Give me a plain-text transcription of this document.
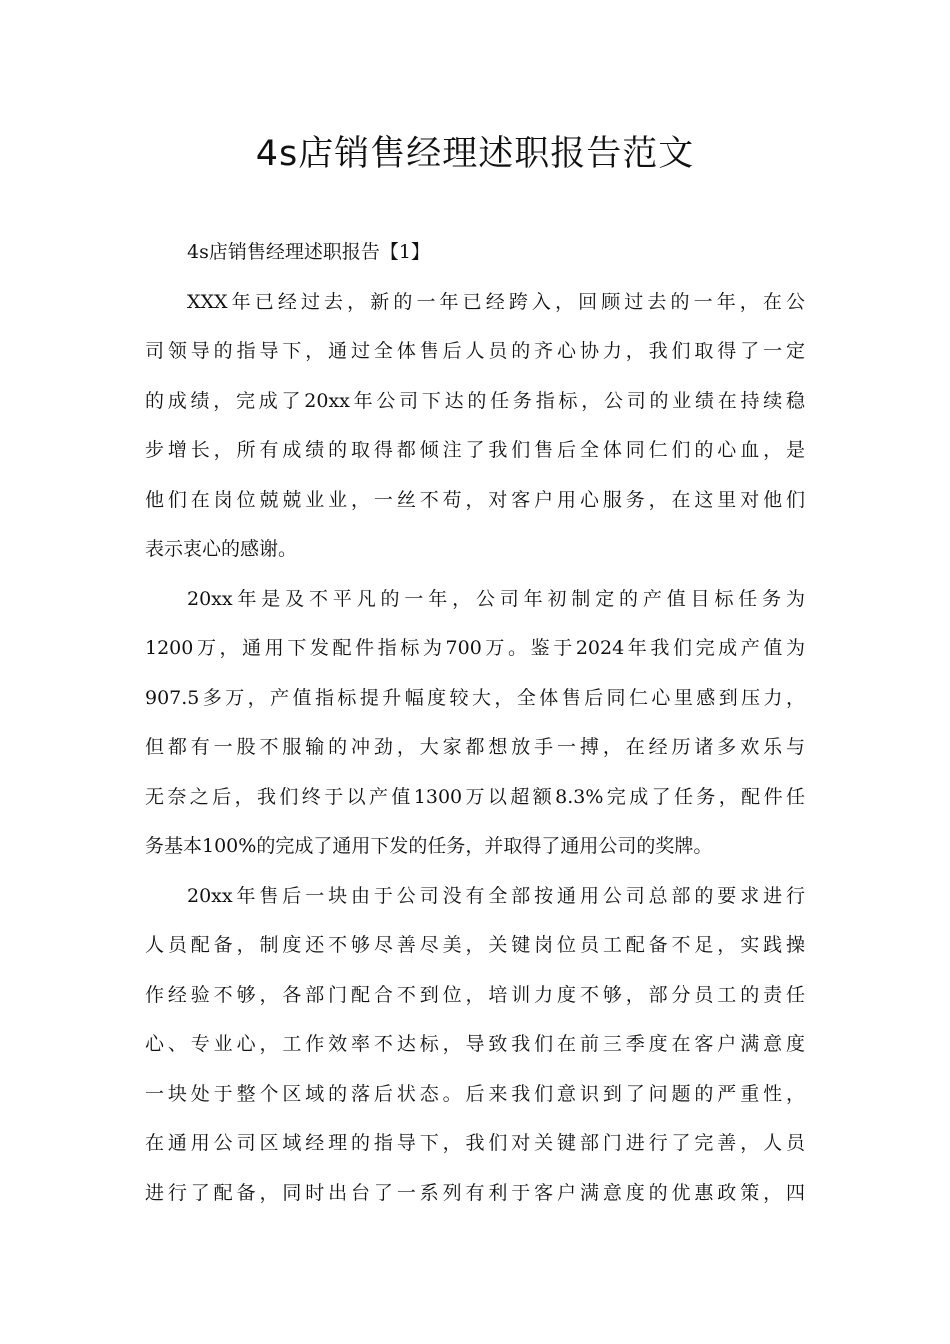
4s店销售经理述职报告范文

4s店销售经理述职报告【1】

XXX年已经过去，新的一年已经跨入，回顾过去的一年，在公
司领导的指导下，通过全体售后人员的齐心协力，我们取得了一定
的成绩，完成了20xx年公司下达的任务指标，公司的业绩在持续稳
步增长，所有成绩的取得都倾注了我们售后全体同仁们的心血，是
他们在岗位兢兢业业，一丝不苟，对客户用心服务，在这里对他们
表示衷心的感谢。

20xx年是及不平凡的一年，公司年初制定的产值目标任务为
1200万，通用下发配件指标为700万。鉴于2024年我们完成产值为
907.5多万，产值指标提升幅度较大，全体售后同仁心里感到压力，
但都有一股不服输的冲劲，大家都想放手一搏，在经历诸多欢乐与
无奈之后，我们终于以产值1300万以超额8.3%完成了任务，配件任
务基本100%的完成了通用下发的任务，并取得了通用公司的奖牌。

20xx年售后一块由于公司没有全部按通用公司总部的要求进行
人员配备，制度还不够尽善尽美，关键岗位员工配备不足，实践操
作经验不够，各部门配合不到位，培训力度不够，部分员工的责任
心、专业心，工作效率不达标，导致我们在前三季度在客户满意度
一块处于整个区域的落后状态。后来我们意识到了问题的严重性，
在通用公司区域经理的指导下，我们对关键部门进行了完善，人员
进行了配备，同时出台了一系列有利于客户满意度的优惠政策，四
